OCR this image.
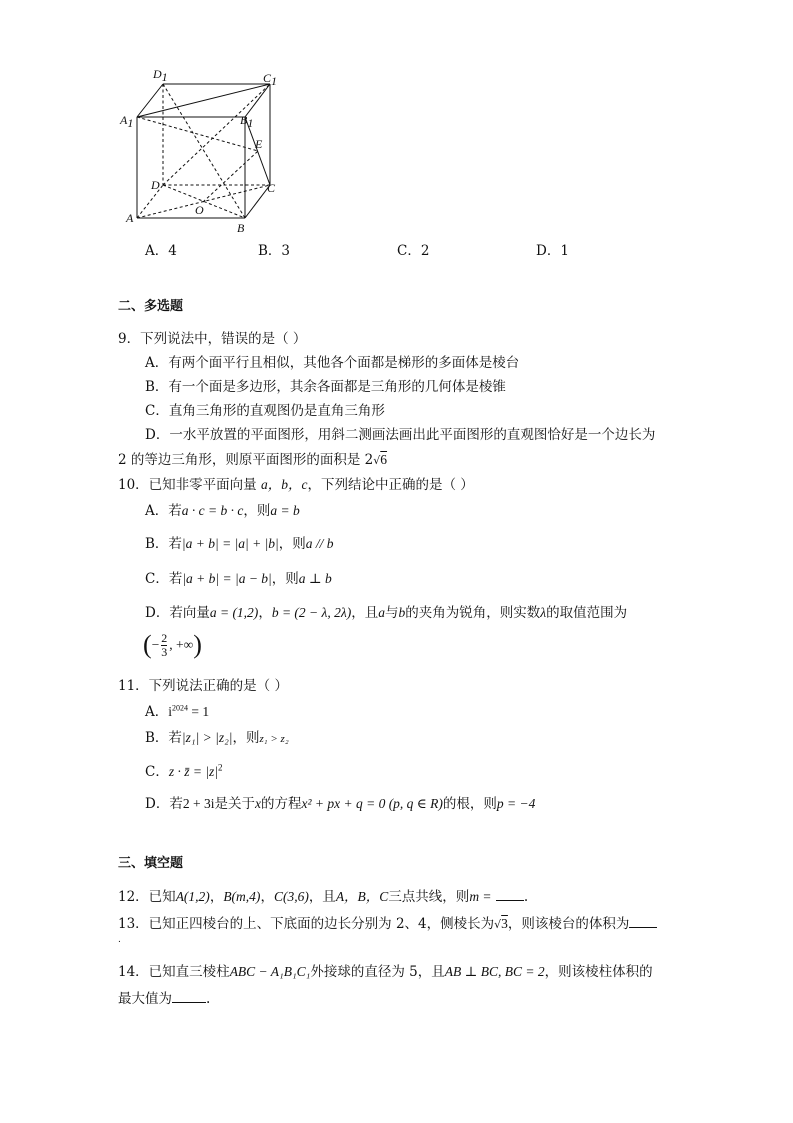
D1	C1
A1	B1
E
D	C
O
A
B
A．4	B．3	C．2	D．1
二、多选题
9．下列说法中，错误的是（ ）
A．有两个面平行且相似，其他各个面都是梯形的多面体是棱台
B．有一个面是多边形，其余各面都是三角形的几何体是棱锥
C．直角三角形的直观图仍是直角三角形
D．一水平放置的平面图形，用斜二测画法画出此平面图形的直观图恰好是一个边长为
2 的等边三角形，则原平面图形的面积是 2√6
10．已知非零平面向量 a，b，c，下列结论中正确的是（ ）
A．若a · c = b · c，则a = b
B．若|a + b| = |a| + |b|，则a // b
C．若|a + b| = |a − b|，则a ⊥ b
D．若向量a = (1,2)，b = (2 − λ, 2λ)，且a与b的夹角为锐角，则实数λ的取值范围为
(− $\frac{2}{3}$ , +∞)
11．下列说法正确的是（ ）
A．$i^{2024} = 1$
B．若|z₁| > |z₂|，则z₁ > z₂
C．z · z̄ = $|z|^2$
D．若2 + 3i是关于x的方程x² + px + q = 0 (p, q ∈ R)的根，则p = −4
三、填空题
12．已知A(1,2)，B(m,4)，C(3,6)，且A，B，C三点共线，则m = .
13．已知正四棱台的上、下底面的边长分别为 2、4，侧棱长为√3，则该棱台的体积为
.
14．已知直三棱柱ABC − A₁B₁C₁外接球的直径为 5，且AB ⊥ BC, BC = 2，则该棱柱体积的
最大值为	.
